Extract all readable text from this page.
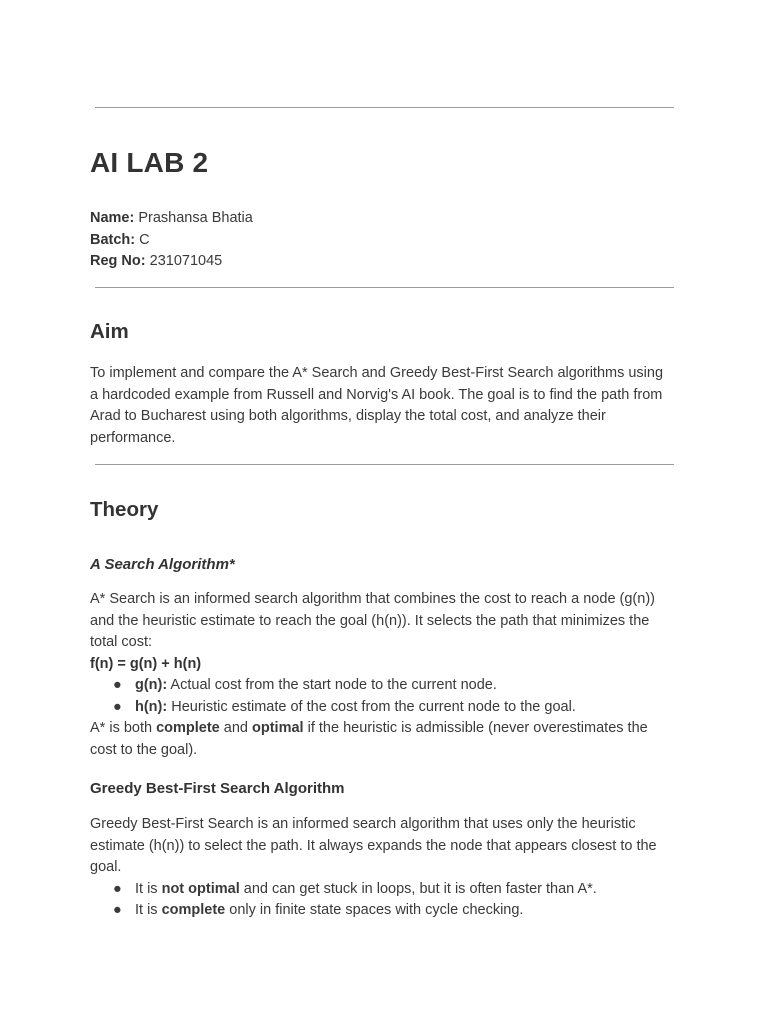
AI LAB 2
Name: Prashansa Bhatia
Batch: C
Reg No: 231071045
Aim

To implement and compare the A* Search and Greedy Best-First Search algorithms using a hardcoded example from Russell and Norvig's AI book. The goal is to find the path from Arad to Bucharest using both algorithms, display the total cost, and analyze their performance.

Theory
A Search Algorithm*
A* Search is an informed search algorithm that combines the cost to reach a node (g(n)) and the heuristic estimate to reach the goal (h(n)). It selects the path that minimizes the total cost:
f(n) = g(n) + h(n)
● g(n): Actual cost from the start node to the current node.
● h(n): Heuristic estimate of the cost from the current node to the goal.
A* is both complete and optimal if the heuristic is admissible (never overestimates the cost to the goal).
Greedy Best-First Search Algorithm
Greedy Best-First Search is an informed search algorithm that uses only the heuristic estimate (h(n)) to select the path. It always expands the node that appears closest to the goal.
● It is not optimal and can get stuck in loops, but it is often faster than A*.
● It is complete only in finite state spaces with cycle checking.
